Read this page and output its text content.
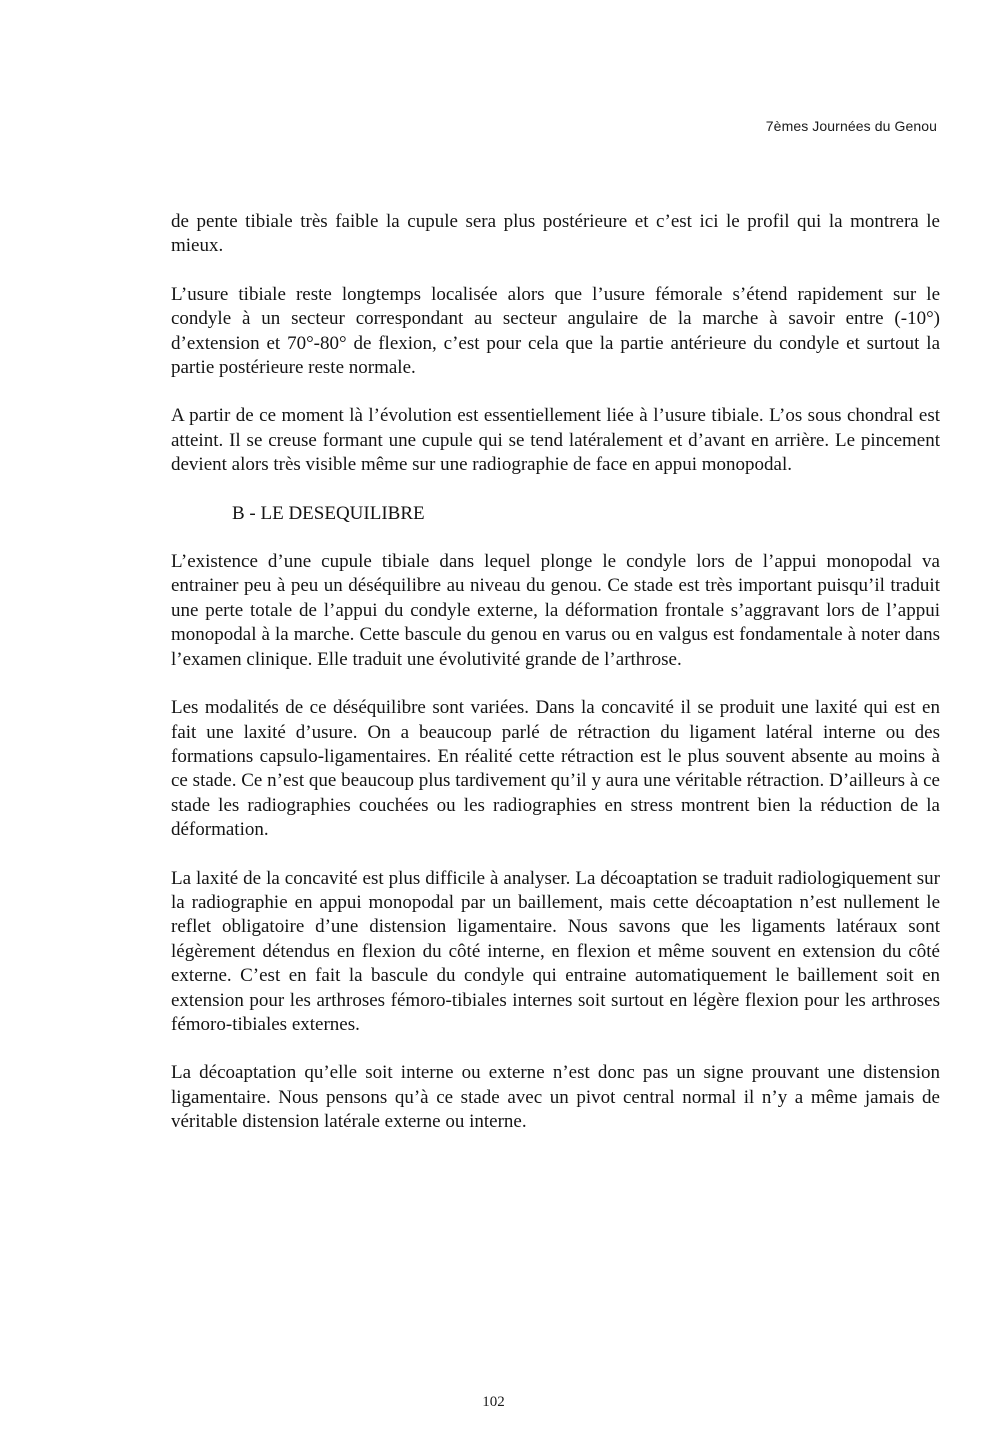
7èmes Journées du Genou

de pente tibiale très faible la cupule sera plus postérieure et c’est ici le profil qui la montrera le mieux.

L’usure tibiale reste longtemps localisée alors que l’usure fémorale s’étend rapidement sur le condyle à un secteur correspondant au secteur angulaire de la marche à savoir entre (-10°) d’extension et 70°-80° de flexion, c’est pour cela que la partie antérieure du condyle et surtout la partie postérieure reste normale.

A partir de ce moment là l’évolution est essentiellement liée à l’usure tibiale. L’os sous chondral est atteint. Il se creuse formant une cupule qui se tend latéralement et d’avant en arrière. Le pincement devient alors très visible même sur une radiographie de face en appui monopodal.

B - LE DESEQUILIBRE

L’existence d’une cupule tibiale dans lequel plonge le condyle lors de l’appui monopodal va entrainer peu à peu un déséquilibre au niveau du genou. Ce stade est très important puisqu’il traduit une perte totale de l’appui du condyle externe, la déformation frontale s’aggravant lors de l’appui monopodal à la marche. Cette bascule du genou en varus ou en valgus est fondamentale à noter dans l’examen clinique. Elle traduit une évolutivité grande de l’arthrose.

Les modalités de ce déséquilibre sont variées. Dans la concavité il se produit une laxité qui est en fait une laxité d’usure. On a beaucoup parlé de rétraction du ligament latéral interne ou des formations capsulo-ligamentaires. En réalité cette rétraction est le plus souvent absente au moins à ce stade. Ce n’est que beaucoup plus tardivement qu’il y aura une véritable rétraction. D’ailleurs à ce stade les radiographies couchées ou les radiographies en stress montrent bien la réduction de la déformation.

La laxité de la concavité est plus difficile à analyser. La décoaptation se traduit radiologiquement sur la radiographie en appui monopodal par un baillement, mais cette décoaptation n’est nullement le reflet obligatoire d’une distension ligamentaire. Nous savons que les ligaments latéraux sont légèrement détendus en flexion du côté interne, en flexion et même souvent en extension du côté externe. C’est en fait la bascule du condyle qui entraine automatiquement le baillement soit en extension pour les arthroses fémoro-tibiales internes soit surtout en légère flexion pour les arthroses fémoro-tibiales externes.

La décoaptation qu’elle soit interne ou externe n’est donc pas un signe prouvant une distension ligamentaire. Nous pensons qu’à ce stade avec un pivot central normal il n’y a même jamais de véritable distension latérale externe ou interne.

102
